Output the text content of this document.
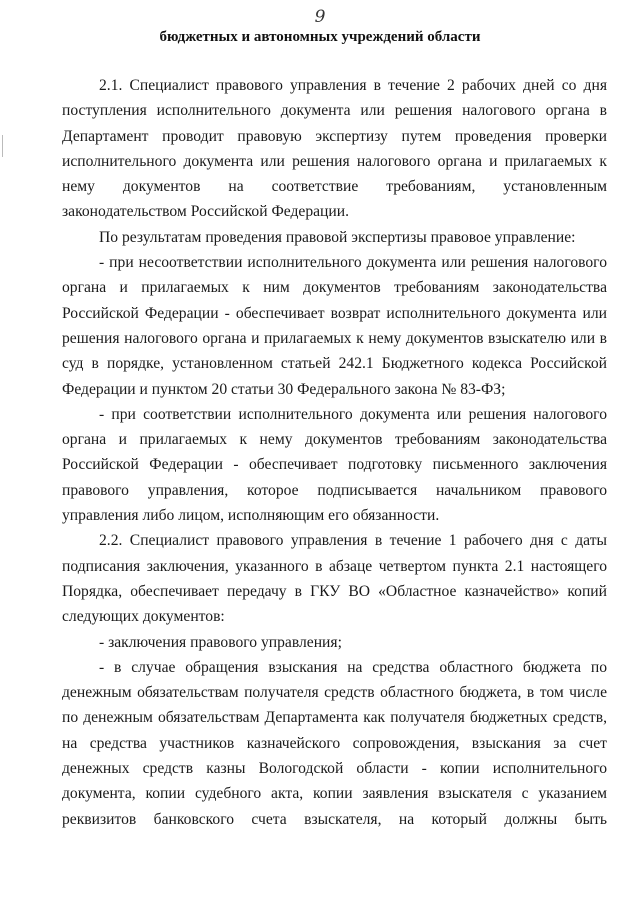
9
бюджетных и автономных учреждений области

2.1. Специалист правового управления в течение 2 рабочих дней со дня

поступления исполнительного документа или решения налогового органа в

Департамент проводит правовую экспертизу путем проведения проверки

исполнительного документа или решения налогового органа и прилагаемых к

нему документов на соответствие требованиям, установленным

законодательством Российской Федерации.

По результатам проведения правовой экспертизы правовое управление:

- при несоответствии исполнительного документа или решения налогового

органа и прилагаемых к ним документов требованиям законодательства

Российской Федерации - обеспечивает возврат исполнительного документа или

решения налогового органа и прилагаемых к нему документов взыскателю или в

суд в порядке, установленном статьей 242.1 Бюджетного кодекса Российской

Федерации и пунктом 20 статьи 30 Федерального закона № 83-ФЗ;

- при соответствии исполнительного документа или решения налогового

органа и прилагаемых к нему документов требованиям законодательства

Российской Федерации - обеспечивает подготовку письменного заключения

правового управления, которое подписывается начальником правового

управления либо лицом, исполняющим его обязанности.

2.2. Специалист правового управления в течение 1 рабочего дня с даты

подписания заключения, указанного в абзаце четвертом пункта 2.1 настоящего

Порядка, обеспечивает передачу в ГКУ ВО «Областное казначейство» копий

следующих документов:

- заключения правового управления;

- в случае обращения взыскания на средства областного бюджета по

денежным обязательствам получателя средств областного бюджета, в том числе

по денежным обязательствам Департамента как получателя бюджетных средств,

на средства участников казначейского сопровождения, взыскания за счет

денежных средств казны Вологодской области - копии исполнительного

документа, копии судебного акта, копии заявления взыскателя с указанием

реквизитов банковского счета взыскателя, на который должны быть
